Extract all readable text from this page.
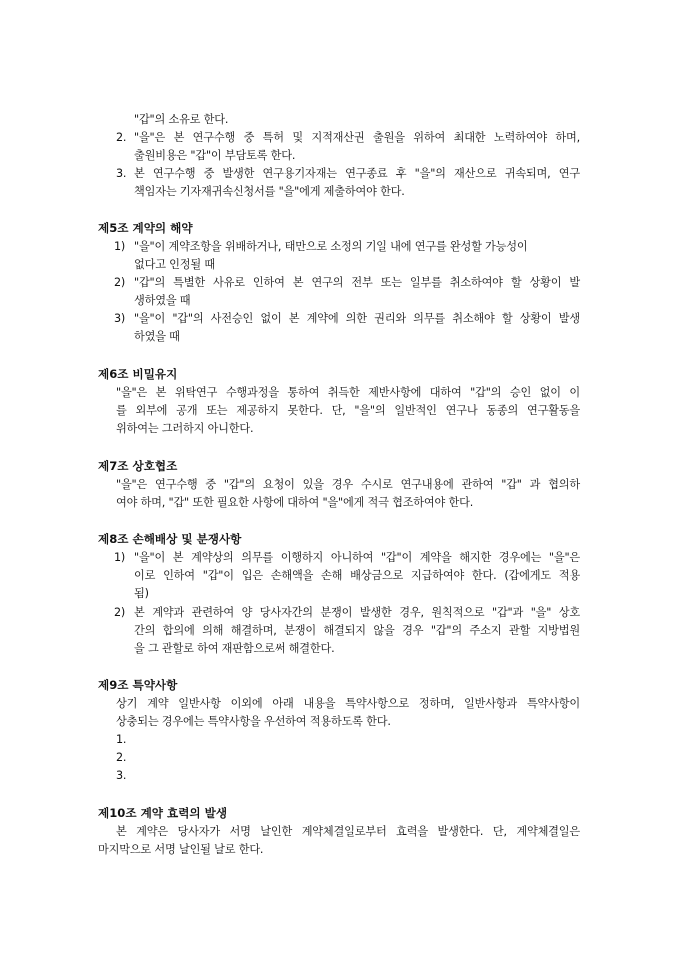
"갑"의 소유로 한다.
2. "을"은 본 연구수행 중 특허 및 지적재산권 출원을 위하여 최대한 노력하여야 하며,
출원비용은 "갑"이 부담토록 한다.
3. 본 연구수행 중 발생한 연구용기자재는 연구종료 후 "을"의 재산으로 귀속되며, 연구
책임자는 기자재귀속신청서를 "을"에게 제출하여야 한다.
제5조 계약의 해약
1) "을"이 계약조항을 위배하거나, 태만으로 소정의 기일 내에 연구를 완성할 가능성이
없다고 인정될 때
2) "갑"의 특별한 사유로 인하여 본 연구의 전부 또는 일부를 취소하여야 할 상황이 발
생하였을 때
3) "을"이 "갑"의 사전승인 없이 본 계약에 의한 권리와 의무를 취소해야 할 상황이 발생
하였을 때
제6조 비밀유지
"을"은 본 위탁연구 수행과정을 통하여 취득한 제반사항에 대하여 "갑"의 승인 없이 이
를 외부에 공개 또는 제공하지 못한다. 단, "을"의 일반적인 연구나 동종의 연구활동을
위하여는 그러하지 아니한다.
제7조 상호협조
"을"은 연구수행 중 "갑"의 요청이 있을 경우 수시로 연구내용에 관하여 "갑" 과 협의하
여야 하며, "갑" 또한 필요한 사항에 대하여 "을"에게 적극 협조하여야 한다.
제8조 손해배상 및 분쟁사항
1) "을"이 본 계약상의 의무를 이행하지 아니하여 "갑"이 계약을 해지한 경우에는 "을"은
이로 인하여 "갑"이 입은 손해액을 손해 배상금으로 지급하여야 한다. (갑에게도 적용
됨)
2) 본 계약과 관련하여 양 당사자간의 분쟁이 발생한 경우, 원칙적으로 "갑"과 "을" 상호
간의 합의에 의해 해결하며, 분쟁이 해결되지 않을 경우 "갑"의 주소지 관할 지방법원
을 그 관할로 하여 재판함으로써 해결한다.
제9조 특약사항
상기 계약 일반사항 이외에 아래 내용을 특약사항으로 정하며, 일반사항과 특약사항이
상충되는 경우에는 특약사항을 우선하여 적용하도록 한다.
1.
2.
3.
제10조 계약 효력의 발생
본 계약은 당사자가 서명 날인한 계약체결일로부터 효력을 발생한다. 단, 계약체결일은
마지막으로 서명 날인될 날로 한다.
